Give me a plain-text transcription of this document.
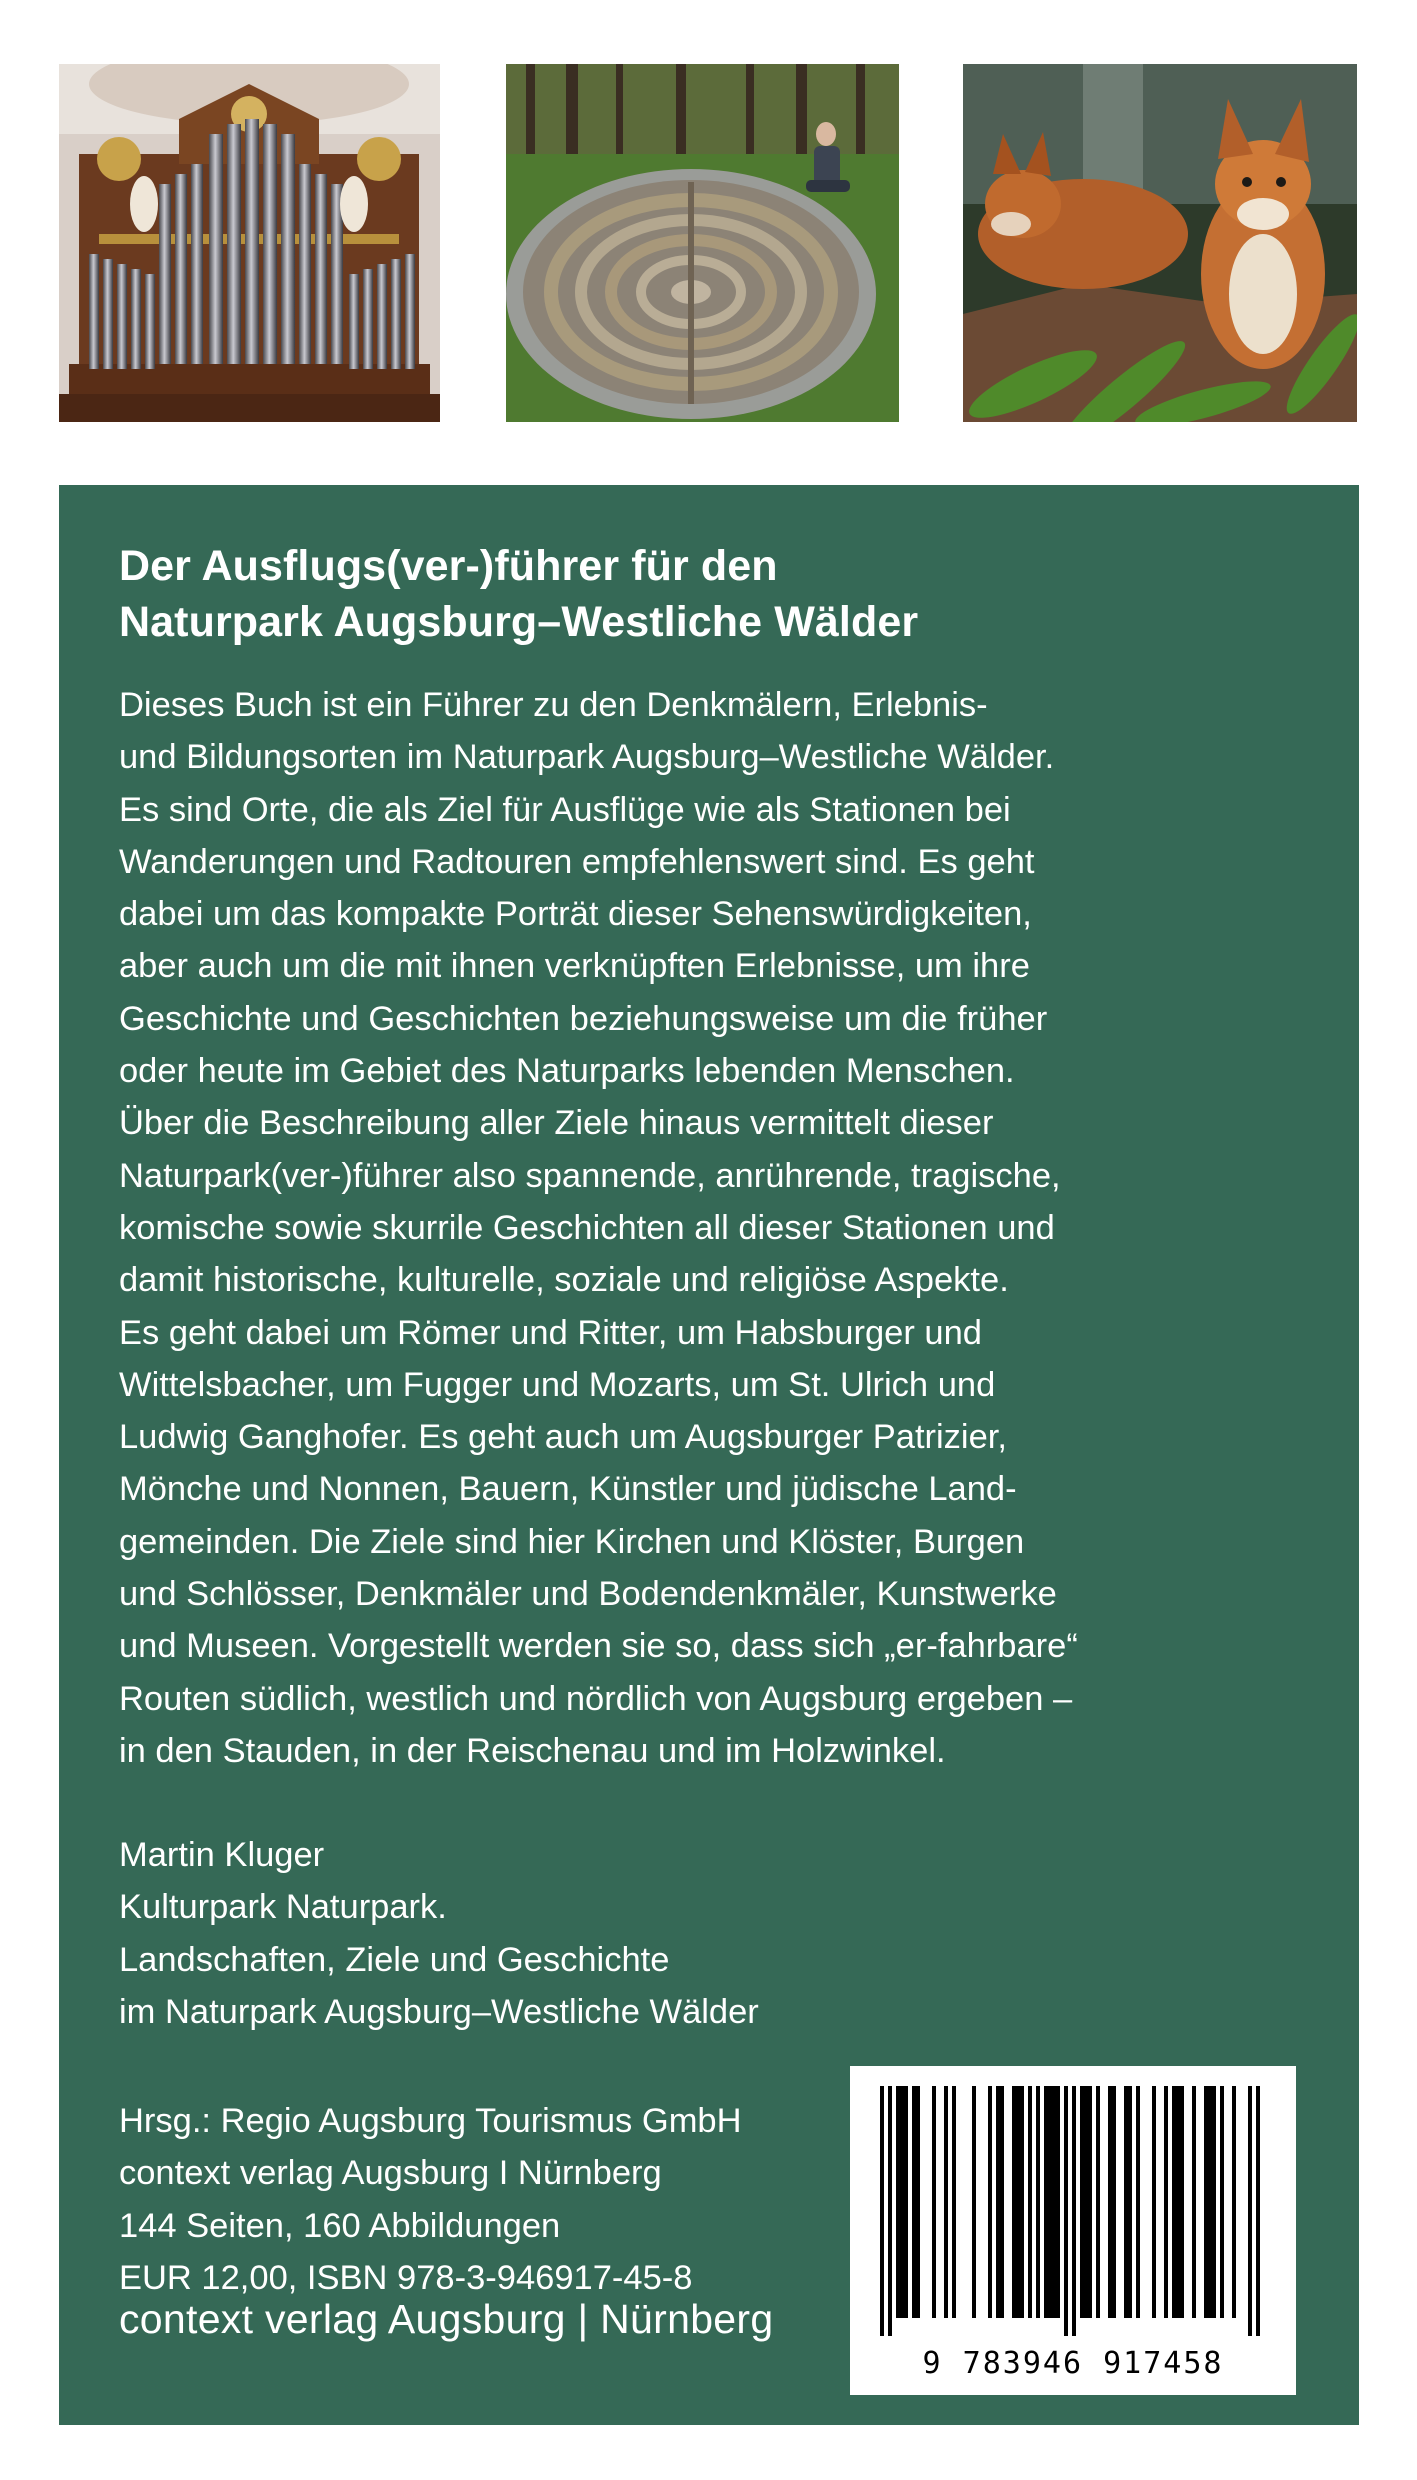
Der Ausflugs(ver-)führer für den
Naturpark Augsburg–Westliche Wälder
Dieses Buch ist ein Führer zu den Denkmälern, Erlebnis-
und Bildungsorten im Naturpark Augsburg–Westliche Wälder.
Es sind Orte, die als Ziel für Ausflüge wie als Stationen bei
Wanderungen und Radtouren empfehlenswert sind. Es geht
dabei um das kompakte Porträt dieser Sehenswürdigkeiten,
aber auch um die mit ihnen verknüpften Erlebnisse, um ihre
Geschichte und Geschichten beziehungsweise um die früher
oder heute im Gebiet des Naturparks lebenden Menschen.
Über die Beschreibung aller Ziele hinaus vermittelt dieser
Naturpark(ver-)führer also spannende, anrührende, tragische,
komische sowie skurrile Geschichten all dieser Stationen und
damit historische, kulturelle, soziale und religiöse Aspekte.
Es geht dabei um Römer und Ritter, um Habsburger und
Wittelsbacher, um Fugger und Mozarts, um St. Ulrich und
Ludwig Ganghofer. Es geht auch um Augsburger Patrizier,
Mönche und Nonnen, Bauern, Künstler und jüdische Land-
gemeinden. Die Ziele sind hier Kirchen und Klöster, Burgen
und Schlösser, Denkmäler und Bodendenkmäler, Kunstwerke
und Museen. Vorgestellt werden sie so, dass sich „er-fahrbare“
Routen südlich, westlich und nördlich von Augsburg ergeben –
in den Stauden, in der Reischenau und im Holzwinkel.
Martin Kluger
Kulturpark Naturpark.
Landschaften, Ziele und Geschichte
im Naturpark Augsburg–Westliche Wälder
Hrsg.: Regio Augsburg Tourismus GmbH
context verlag Augsburg I Nürnberg
144 Seiten, 160 Abbildungen
EUR 12,00, ISBN 978-3-946917-45-8
context verlag Augsburg | Nürnberg
9 783946 917458
